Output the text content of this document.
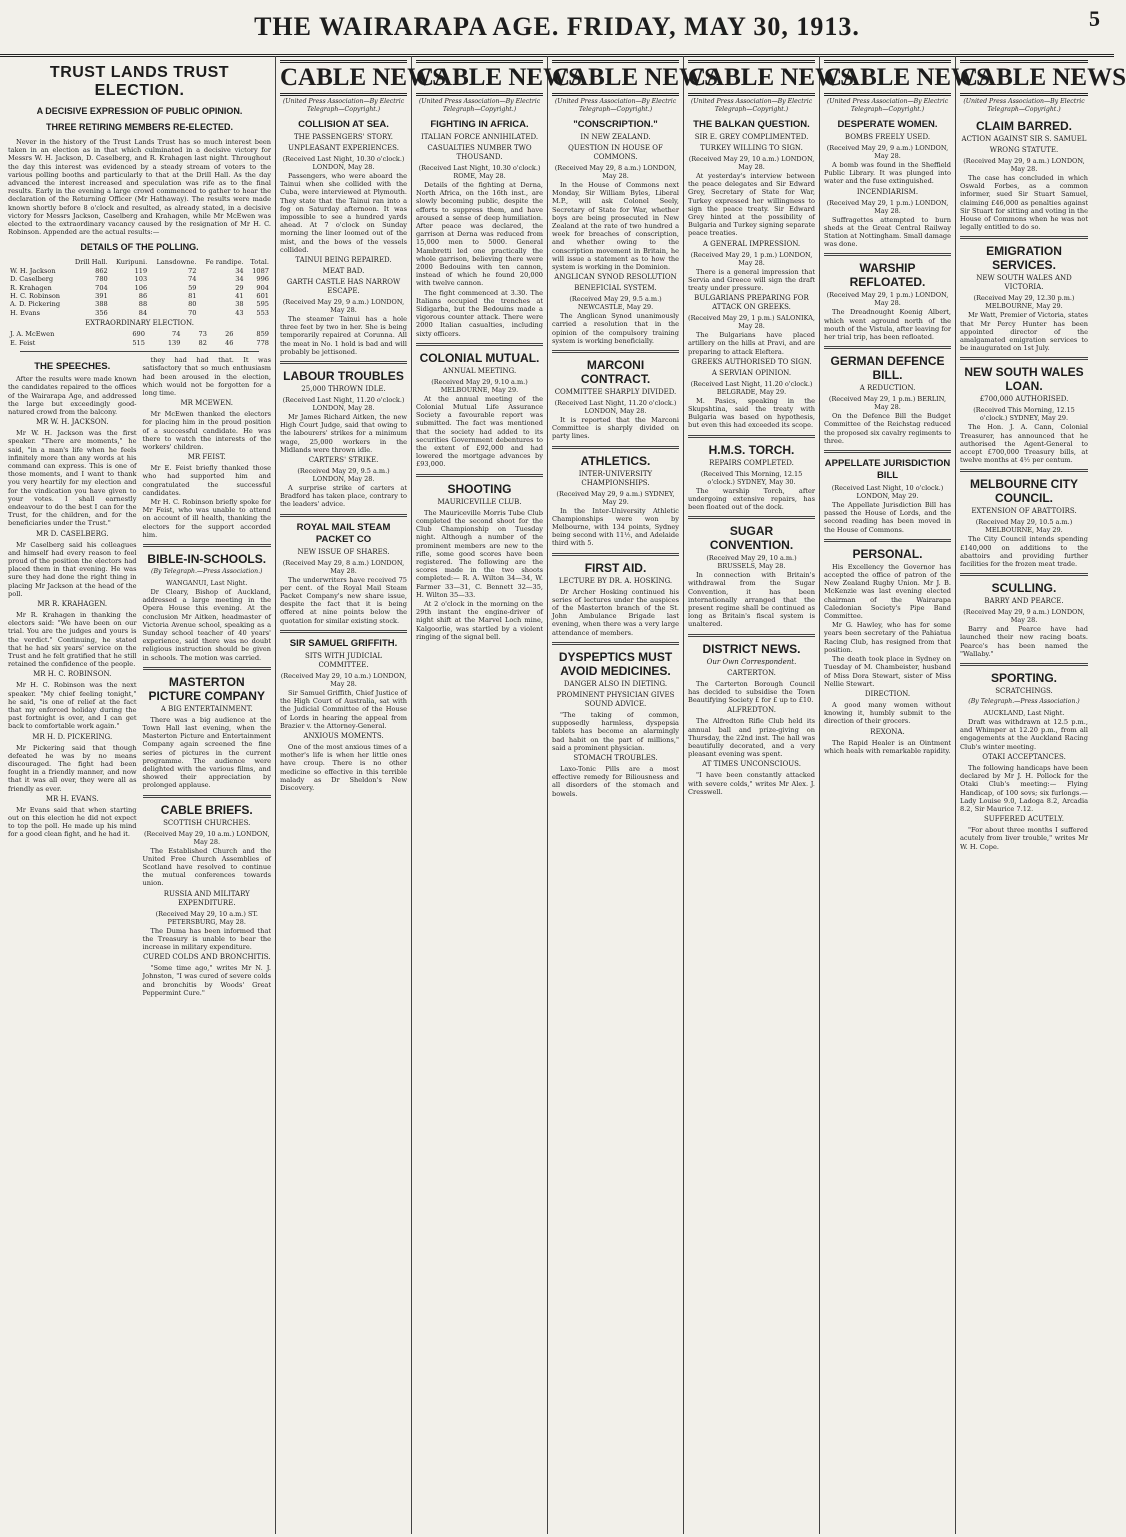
THE WAIRARAPA AGE. FRIDAY, MAY 30, 1913.	5
TRUST LANDS TRUST ELECTION.
A DECISIVE EXPRESSION OF PUBLIC OPINION.
THREE RETIRING MEMBERS RE-ELECTED.

Never in the history of the Trust Lands Trust has so much interest been taken in an election as in that which culminated in a decisive victory for Messrs W. H. Jackson, D. Caselberg, and R. Krahagen last night. Throughout the day this interest was evidenced by a steady stream of voters to the various polling booths and particularly to that at the Drill Hall. As the day advanced the interest increased and speculation was rife as to the final results. Early in the evening a large crowd commenced to gather to hear the declaration of the Returning Officer (Mr Hathaway). The results were made known shortly before 8 o'clock and resulted, as already stated, in a decisive victory for Messrs Jackson, Caselberg and Krahagen, while Mr McEwen was elected to the extraordinary vacancy caused by the resignation of Mr H. C. Robinson. Appended are the actual results:—

DETAILS OF THE POLLING.
	Drill Hall.	Kuripuni.	Lansdowne.	Fe randipe.	Total.
W. H. Jackson	862	119	72	34	1087
D. Caselberg	780	103	74	34	996
R. Krahagen	704	106	59	29	904
H. C. Robinson	391	86	81	41	601
A. D. Pickering	388	88	80	38	595
H. Evans	356	84	70	43	553
EXTRAORDINARY ELECTION.
J. A. McEwen	690	74	73	26	859
E. Feist	515	139	82	46	778
THE SPEECHES.

After the results were made known the candidates repaired to the offices of the Wairarapa Age, and addressed the large but exceedingly good-natured crowd from the balcony.

MR W. H. JACKSON.

Mr W. H. Jackson was the first speaker. "There are moments," he said, "in a man's life when he feels infinitely more than any words at his command can express. This is one of those moments, and I want to thank you very heartily for my election and for the vindication you have given to your votes. I shall earnestly endeavour to do the best I can for the Trust, for the children, and for the beneficiaries under the Trust."

MR D. CASELBERG.

Mr Caselberg said his colleagues and himself had every reason to feel proud of the position the electors had placed them in that evening. He was sure they had done the right thing in placing Mr Jackson at the head of the poll.

MR R. KRAHAGEN.

Mr R. Krahagen in thanking the electors said: "We have been on our trial. You are the judges and yours is the verdict." Continuing, he stated that he had six years' service on the Trust and he felt gratified that he still retained the confidence of the people.

MR H. C. ROBINSON.

Mr H. C. Robinson was the next speaker. "My chief feeling tonight," he said, "is one of relief at the fact that my enforced holiday during the past fortnight is over, and I can get back to comfortable work again."

MR H. D. PICKERING.

Mr Pickering said that though defeated he was by no means discouraged. The fight had been fought in a friendly manner, and now that it was all over, they were all as friendly as ever.

MR H. EVANS.

Mr Evans said that when starting out on this election he did not expect to top the poll. He made up his mind for a good clean fight, and he had it.

they had had that. It was satisfactory that so much enthusiasm had been aroused in the election, which would not be forgotten for a long time.

MR MCEWEN.

Mr McEwen thanked the electors for placing him in the proud position of a successful candidate. He was there to watch the interests of the workers' children.

MR FEIST.

Mr E. Feist briefly thanked those who had supported him and congratulated the successful candidates.

Mr H. C. Robinson briefly spoke for Mr Feist, who was unable to attend on account of ill health, thanking the electors for the support accorded him.

BIBLE-IN-SCHOOLS.
(By Telegraph.—Press Association.)
WANGANUI, Last Night.

Dr Cleary, Bishop of Auckland, addressed a large meeting in the Opera House this evening. At the conclusion Mr Aitken, headmaster of Victoria Avenue school, speaking as a Sunday school teacher of 40 years' experience, said there was no doubt religious instruction should be given in schools. The motion was carried.

MASTERTON PICTURE COMPANY
A BIG ENTERTAINMENT.

There was a big audience at the Town Hall last evening, when the Masterton Picture and Entertainment Company again screened the fine series of pictures in the current programme. The audience were delighted with the various films, and showed their appreciation by prolonged applause.

CABLE BRIEFS.
SCOTTISH CHURCHES.
(Received May 29, 10 a.m.) LONDON, May 28.

The Established Church and the United Free Church Assemblies of Scotland have resolved to continue the mutual conferences towards union.

RUSSIA AND MILITARY EXPENDITURE.
(Received May 29, 10 a.m.) ST. PETERSBURG, May 28.

The Duma has been informed that the Treasury is unable to bear the increase in military expenditure.

CURED COLDS AND BRONCHITIS.

"Some time ago," writes Mr N. J. Johnston, "I was cured of severe colds and bronchitis by Woods' Great Peppermint Cure."

CABLE NEWS
(United Press Association—By Electric Telegraph—Copyright.)
COLLISION AT SEA.
THE PASSENGERS' STORY.
UNPLEASANT EXPERIENCES.
(Received Last Night, 10.30 o'clock.) LONDON, May 28.

Passengers, who were aboard the Tainui when she collided with the Cuba, were interviewed at Plymouth. They state that the Tainui ran into a fog on Saturday afternoon. It was impossible to see a hundred yards ahead. At 7 o'clock on Sunday morning the liner loomed out of the mist, and the bows of the vessels collided.

TAINUI BEING REPAIRED.
MEAT BAD.
GARTH CASTLE HAS NARROW ESCAPE.
(Received May 29, 9 a.m.) LONDON, May 28.

The steamer Tainui has a hole three feet by two in her. She is being temporarily repaired at Corunna. All the meat in No. 1 hold is bad and will probably be jettisoned.

LABOUR TROUBLES
25,000 THROWN IDLE.
(Received Last Night, 11.20 o'clock.) LONDON, May 28.

Mr James Richard Aitken, the new High Court Judge, said that owing to the labourers' strikes for a minimum wage, 25,000 workers in the Midlands were thrown idle.

CARTERS' STRIKE.
(Received May 29, 9.5 a.m.) LONDON, May 28.

A surprise strike of carters at Bradford has taken place, contrary to the leaders' advice.

ROYAL MAIL STEAM PACKET CO
NEW ISSUE OF SHARES.
(Received May 29, 8 a.m.) LONDON, May 28.

The underwriters have received 75 per cent. of the Royal Mail Steam Packet Company's new share issue, despite the fact that it is being offered at nine points below the quotation for similar existing stock.

SIR SAMUEL GRIFFITH.
SITS WITH JUDICIAL COMMITTEE.
(Received May 29, 10 a.m.) LONDON, May 28.

Sir Samuel Griffith, Chief Justice of the High Court of Australia, sat with the Judicial Committee of the House of Lords in hearing the appeal from Brazier v. the Attorney-General.

ANXIOUS MOMENTS.

One of the most anxious times of a mother's life is when her little ones have croup. There is no other medicine so effective in this terrible malady as Dr Sheldon's New Discovery.

CABLE NEWS
(United Press Association—By Electric Telegraph—Copyright.)
FIGHTING IN AFRICA.
ITALIAN FORCE ANNIHILATED.
CASUALTIES NUMBER TWO THOUSAND.
(Received Last Night, 10.30 o'clock.) ROME, May 28.

Details of the fighting at Derna, North Africa, on the 16th inst., are slowly becoming public, despite the efforts to suppress them, and have aroused a sense of deep humiliation. After peace was declared, the garrison at Derna was reduced from 15,000 men to 5000. General Mambretti led one practically the whole garrison, believing there were 2000 Bedouins with ten cannon, instead of which he found 20,000 with twelve cannon.

The fight commenced at 3.30. The Italians occupied the trenches at Sidigarba, but the Bedouins made a vigorous counter attack. There were 2000 Italian casualties, including sixty officers.

COLONIAL MUTUAL.
ANNUAL MEETING.
(Received May 29, 9.10 a.m.) MELBOURNE, May 29.

At the annual meeting of the Colonial Mutual Life Assurance Society a favourable report was submitted. The fact was mentioned that the society had added to its securities Government debentures to the extent of £92,000 and had lowered the mortgage advances by £93,000.

SHOOTING
MAURICEVILLE CLUB.

The Mauriceville Morris Tube Club completed the second shoot for the Club Championship on Tuesday night. Although a number of the prominent members are new to the rifle, some good scores have been registered. The following are the scores made in the two shoots completed:— R. A. Wilton 34—34, W. Farmer 33—31, C. Bennett 32—35, H. Wilton 35—33.

At 2 o'clock in the morning on the 29th instant the engine-driver of night shift at the Marvel Loch mine, Kalgoorlie, was startled by a violent ringing of the signal bell.

CABLE NEWS
(United Press Association—By Electric Telegraph—Copyright.)
"CONSCRIPTION."
IN NEW ZEALAND.
QUESTION IN HOUSE OF COMMONS.
(Received May 29, 8 a.m.) LONDON, May 28.

In the House of Commons next Monday, Sir William Byles, Liberal M.P., will ask Colonel Seely, Secretary of State for War, whether boys are being prosecuted in New Zealand at the rate of two hundred a week for breaches of conscription, and whether owing to the conscription movement in Britain, he will issue a statement as to how the system is working in the Dominion.

ANGLICAN SYNOD RESOLUTION
BENEFICIAL SYSTEM.
(Received May 29, 9.5 a.m.) NEWCASTLE, May 29.

The Anglican Synod unanimously carried a resolution that in the opinion of the compulsory training system is working beneficially.

MARCONI CONTRACT.
COMMITTEE SHARPLY DIVIDED.
(Received Last Night, 11.20 o'clock.) LONDON, May 28.

It is reported that the Marconi Committee is sharply divided on party lines.

ATHLETICS.
INTER-UNIVERSITY CHAMPIONSHIPS.
(Received May 29, 9 a.m.) SYDNEY, May 29.

In the Inter-University Athletic Championships were won by Melbourne, with 134 points, Sydney being second with 11½, and Adelaide third with 5.

FIRST AID.
LECTURE BY DR. A. HOSKING.

Dr Archer Hosking continued his series of lectures under the auspices of the Masterton branch of the St. John Ambulance Brigade last evening, when there was a very large attendance of members.

DYSPEPTICS MUST AVOID MEDICINES.
DANGER ALSO IN DIETING.
PROMINENT PHYSICIAN GIVES SOUND ADVICE.

"The taking of common, supposedly harmless, dyspepsia tablets has become an alarmingly bad habit on the part of millions," said a prominent physician.

STOMACH TROUBLES.

Laxo-Tonic Pills are a most effective remedy for Biliousness and all disorders of the stomach and bowels.

CABLE NEWS
(United Press Association—By Electric Telegraph—Copyright.)
THE BALKAN QUESTION.
SIR E. GREY COMPLIMENTED.
TURKEY WILLING TO SIGN.
(Received May 29, 10 a.m.) LONDON, May 28.

At yesterday's interview between the peace delegates and Sir Edward Grey, Secretary of State for War, Turkey expressed her willingness to sign the peace treaty. Sir Edward Grey hinted at the possibility of Bulgaria and Turkey signing separate peace treaties.

A GENERAL IMPRESSION.
(Received May 29, 1 p.m.) LONDON, May 28.

There is a general impression that Servia and Greece will sign the draft treaty under pressure.

BULGARIANS PREPARING FOR ATTACK ON GREEKS.
(Received May 29, 1 p.m.) SALONIKA, May 28.

The Bulgarians have placed artillery on the hills at Pravi, and are preparing to attack Eleftera.

GREEKS AUTHORISED TO SIGN.
A SERVIAN OPINION.
(Received Last Night, 11.20 o'clock.) BELGRADE, May 29.

M. Pasics, speaking in the Skupshtina, said the treaty with Bulgaria was based on hypothesis, but even this had exceeded its scope.

H.M.S. TORCH.
REPAIRS COMPLETED.
(Received This Morning, 12.15 o'clock.) SYDNEY, May 30.

The warship Torch, after undergoing extensive repairs, has been floated out of the dock.

SUGAR CONVENTION.
(Received May 29, 10 a.m.) BRUSSELS, May 28.

In connection with Britain's withdrawal from the Sugar Convention, it has been internationally arranged that the present regime shall be continued as long as Britain's fiscal system is unaltered.

DISTRICT NEWS.
Our Own Correspondent.
CARTERTON.

The Carterton Borough Council has decided to subsidise the Town Beautifying Society £ for £ up to £10.

ALFREDTON.

The Alfredton Rifle Club held its annual ball and prize-giving on Thursday, the 22nd inst. The hall was beautifully decorated, and a very pleasant evening was spent.

AT TIMES UNCONSCIOUS.

"I have been constantly attacked with severe colds," writes Mr Alex. J. Cresswell.

CABLE NEWS
(United Press Association—By Electric Telegraph—Copyright.)
DESPERATE WOMEN.
BOMBS FREELY USED.
(Received May 29, 9 a.m.) LONDON, May 28.

A bomb was found in the Sheffield Public Library. It was plunged into water and the fuse extinguished.

INCENDIARISM.
(Received May 29, 1 p.m.) LONDON, May 28.

Suffragettes attempted to burn sheds at the Great Central Railway Station at Nottingham. Small damage was done.

WARSHIP REFLOATED.
(Received May 29, 1 p.m.) LONDON, May 28.

The Dreadnought Koenig Albert, which went aground north of the mouth of the Vistula, after leaving for her trial trip, has been refloated.

GERMAN DEFENCE BILL.
A REDUCTION.
(Received May 29, 1 p.m.) BERLIN, May 28.

On the Defence Bill the Budget Committee of the Reichstag reduced the proposed six cavalry regiments to three.

APPELLATE JURISDICTION BILL
(Received Last Night, 10 o'clock.) LONDON, May 29.

The Appellate Jurisdiction Bill has passed the House of Lords, and the second reading has been moved in the House of Commons.

PERSONAL.

His Excellency the Governor has accepted the office of patron of the New Zealand Rugby Union. Mr J. B. McKenzie was last evening elected chairman of the Wairarapa Caledonian Society's Pipe Band Committee.

Mr G. Hawley, who has for some years been secretary of the Pahiatua Racing Club, has resigned from that position.

The death took place in Sydney on Tuesday of M. Chambeister, husband of Miss Dora Stewart, sister of Miss Nellie Stewart.

DIRECTION.

A good many women without knowing it, humbly submit to the direction of their grocers.

REXONA.

The Rapid Healer is an Ointment which heals with remarkable rapidity.

CABLE NEWS
(United Press Association—By Electric Telegraph—Copyright.)
CLAIM BARRED.
ACTION AGAINST SIR S. SAMUEL
WRONG STATUTE.
(Received May 29, 9 a.m.) LONDON, May 28.

The case has concluded in which Oswald Forbes, as a common informer, sued Sir Stuart Samuel, claiming £46,000 as penalties against Sir Stuart for sitting and voting in the House of Commons when he was not legally entitled to do so.

EMIGRATION SERVICES.
NEW SOUTH WALES AND VICTORIA.
(Received May 29, 12.30 p.m.) MELBOURNE, May 29.

Mr Watt, Premier of Victoria, states that Mr Percy Hunter has been appointed director of the amalgamated emigration services to be inaugurated on 1st July.

NEW SOUTH WALES LOAN.
£700,000 AUTHORISED.
(Received This Morning, 12.15 o'clock.) SYDNEY, May 29.

The Hon. J. A. Cann, Colonial Treasurer, has announced that he authorised the Agent-General to accept £700,000 Treasury bills, at twelve months at 4½ per centum.

MELBOURNE CITY COUNCIL.
EXTENSION OF ABATTOIRS.
(Received May 29, 10.5 a.m.) MELBOURNE, May 29.

The City Council intends spending £140,000 on additions to the abattoirs and providing further facilities for the frozen meat trade.

SCULLING.
BARRY AND PEARCE.
(Received May 29, 9 a.m.) LONDON, May 28.

Barry and Pearce have had launched their new racing boats. Pearce's has been named the "Wallaby."

SPORTING.
SCRATCHINGS.
(By Telegraph.—Press Association.)
AUCKLAND, Last Night.

Draft was withdrawn at 12.5 p.m., and Whimper at 12.20 p.m., from all engagements at the Auckland Racing Club's winter meeting.

OTAKI ACCEPTANCES.

The following handicaps have been declared by Mr J. H. Pollock for the Otaki Club's meeting:— Flying Handicap, of 100 sovs; six furlongs.—Lady Louise 9.0, Ladoga 8.2, Arcadia 8.2, Sir Maurice 7.12.

SUFFERED ACUTELY.

"For about three months I suffered acutely from liver trouble," writes Mr W. H. Cope.
